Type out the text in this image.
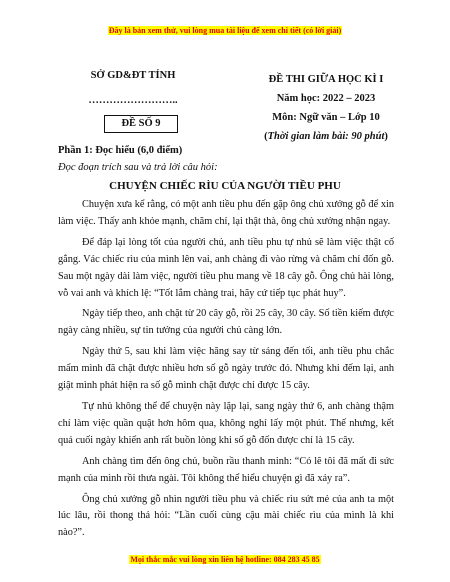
Đây là bản xem thử, vui lòng mua tài liệu để xem chi tiết (có lời giải)
SỞ GD&ĐT TỈNH
……………………..
ĐỀ SỐ 9
ĐỀ THI GIỮA HỌC KÌ I
Năm học: 2022 – 2023
Môn: Ngữ văn – Lớp 10
(Thời gian làm bài: 90 phút)
Phần 1: Đọc hiểu (6,0 điểm)
Đọc đoạn trích sau và trả lời câu hỏi:
CHUYỆN CHIẾC RÌU CỦA NGƯỜI TIỀU PHU

Chuyện xưa kể rằng, có một anh tiều phu đến gặp ông chủ xưởng gỗ để xin làm việc. Thấy anh khỏe mạnh, chăm chỉ, lại thật thà, ông chủ xưởng nhận ngay.

Để đáp lại lòng tốt của người chủ, anh tiều phu tự nhủ sẽ làm việc thật cố gắng. Vác chiếc rìu của mình lên vai, anh chàng đi vào rừng và chăm chỉ đốn gỗ. Sau một ngày dài làm việc, người tiều phu mang về 18 cây gỗ. Ông chủ hài lòng, vỗ vai anh và khích lệ: “Tốt lắm chàng trai, hãy cứ tiếp tục phát huy”.

Ngày tiếp theo, anh chặt từ 20 cây gỗ, rồi 25 cây, 30 cây. Số tiền kiếm được ngày càng nhiều, sự tin tưởng của người chủ càng lớn.

Ngày thứ 5, sau khi làm việc hăng say từ sáng đến tối, anh tiều phu chắc mẩm mình đã chặt được nhiều hơn số gỗ ngày trước đó. Nhưng khi đếm lại, anh giật mình phát hiện ra số gỗ mình chặt được chỉ được 15 cây.

Tự nhủ không thể để chuyện này lặp lại, sang ngày thứ 6, anh chàng thậm chí làm việc quần quật hơn hôm qua, không nghỉ lấy một phút. Thế nhưng, kết quả cuối ngày khiến anh rất buồn lòng khi số gỗ đốn được chỉ là 15 cây.

Anh chàng tìm đến ông chủ, buồn rầu thanh minh: “Có lẽ tôi đã mất đi sức mạnh của mình rồi thưa ngài. Tôi không thể hiểu chuyện gì đã xảy ra”.

Ông chủ xưởng gỗ nhìn người tiều phu và chiếc rìu sứt mẻ của anh ta một lúc lâu, rồi thong thả hỏi: “Lần cuối cùng cậu mài chiếc rìu của mình là khi nào?”.

Mọi thắc mắc vui lòng xin liên hệ hotline: 084 283 45 85
